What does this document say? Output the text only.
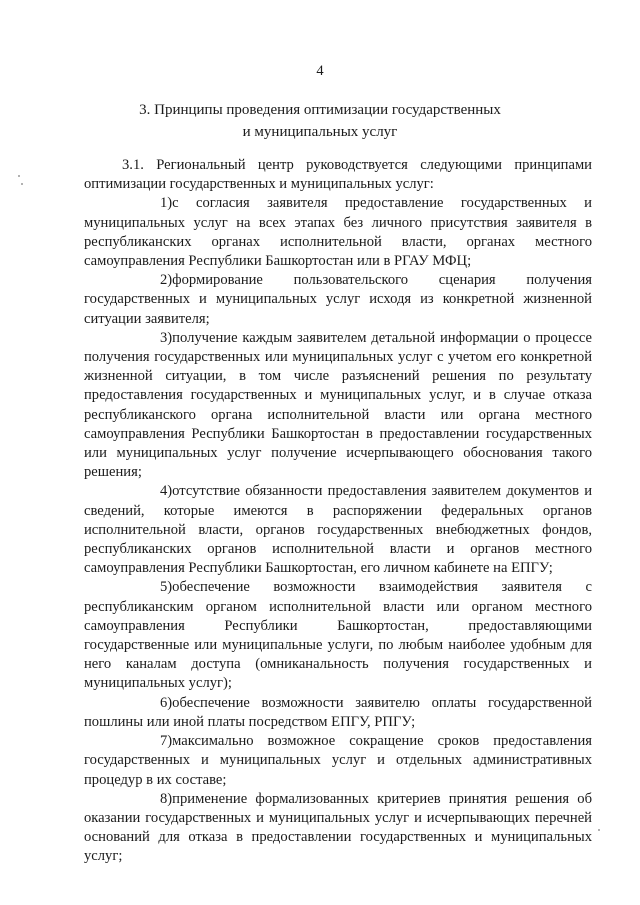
4
3. Принципы проведения оптимизации государственных
и муниципальных услуг

3.1. Региональный центр руководствуется следующими принципами оптимизации государственных и муниципальных услуг:

1)с согласия заявителя предоставление государственных и муниципальных услуг на всех этапах без личного присутствия заявителя в республиканских органах исполнительной власти, органах местного самоуправления Республики Башкортостан или в РГАУ МФЦ;

2)формирование пользовательского сценария получения государственных и муниципальных услуг исходя из конкретной жизненной ситуации заявителя;

3)получение каждым заявителем детальной информации о процессе получения государственных или муниципальных услуг с учетом его конкретной жизненной ситуации, в том числе разъяснений решения по результату предоставления государственных и муниципальных услуг, и в случае отказа республиканского органа исполнительной власти или органа местного самоуправления Республики Башкортостан в предоставлении государственных или муниципальных услуг получение исчерпывающего обоснования такого решения;

4)отсутствие обязанности предоставления заявителем документов и сведений, которые имеются в распоряжении федеральных органов исполнительной власти, органов государственных внебюджетных фондов, республиканских органов исполнительной власти и органов местного самоуправления Республики Башкортостан, его личном кабинете на ЕПГУ;

5)обеспечение возможности взаимодействия заявителя с республиканским органом исполнительной власти или органом местного самоуправления Республики Башкортостан, предоставляющими государственные или муниципальные услуги, по любым наиболее удобным для него каналам доступа (омниканальность получения государственных и муниципальных услуг);

6)обеспечение возможности заявителю оплаты государственной пошлины или иной платы посредством ЕПГУ, РПГУ;

7)максимально возможное сокращение сроков предоставления государственных и муниципальных услуг и отдельных административных процедур в их составе;

8)применение формализованных критериев принятия решения об оказании государственных и муниципальных услуг и исчерпывающих перечней оснований для отказа в предоставлении государственных и муниципальных услуг;
